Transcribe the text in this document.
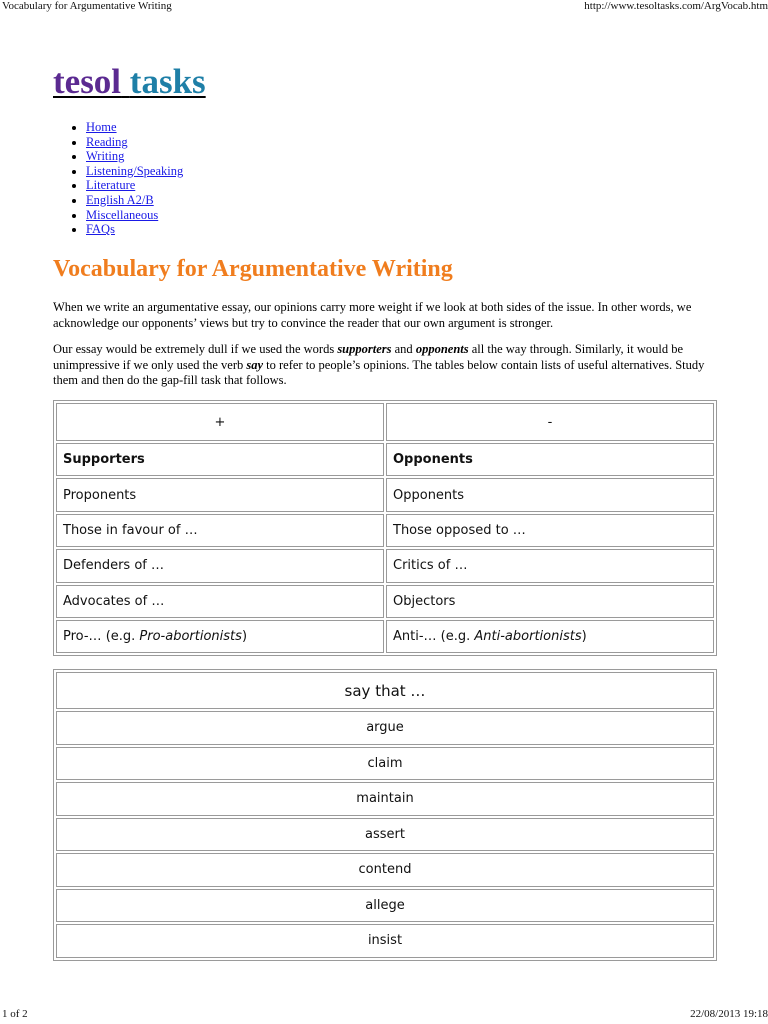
Vocabulary for Argumentative Writing	http://www.tesoltasks.com/ArgVocab.htm
tesol tasks
• Home
• Reading
• Writing
• Listening/Speaking
• Literature
• English A2/B
• Miscellaneous
• FAQs
Vocabulary for Argumentative Writing

When we write an argumentative essay, our opinions carry more weight if we look at both sides of the issue. In other words, we acknowledge our opponents’ views but try to convince the reader that our own argument is stronger.

Our essay would be extremely dull if we used the words supporters and opponents all the way through. Similarly, it would be unimpressive if we only used the verb say to refer to people’s opinions. The tables below contain lists of useful alternatives. Study them and then do the gap-fill task that follows.

+	-
Supporters	Opponents
Proponents	Opponents
Those in favour of …	Those opposed to …
Defenders of …	Critics of …
Advocates of …	Objectors
Pro-… (e.g. Pro-abortionists)	Anti-… (e.g. Anti-abortionists)
say that …
argue
claim
maintain
assert
contend
allege
insist
1 of 2	22/08/2013 19:18
